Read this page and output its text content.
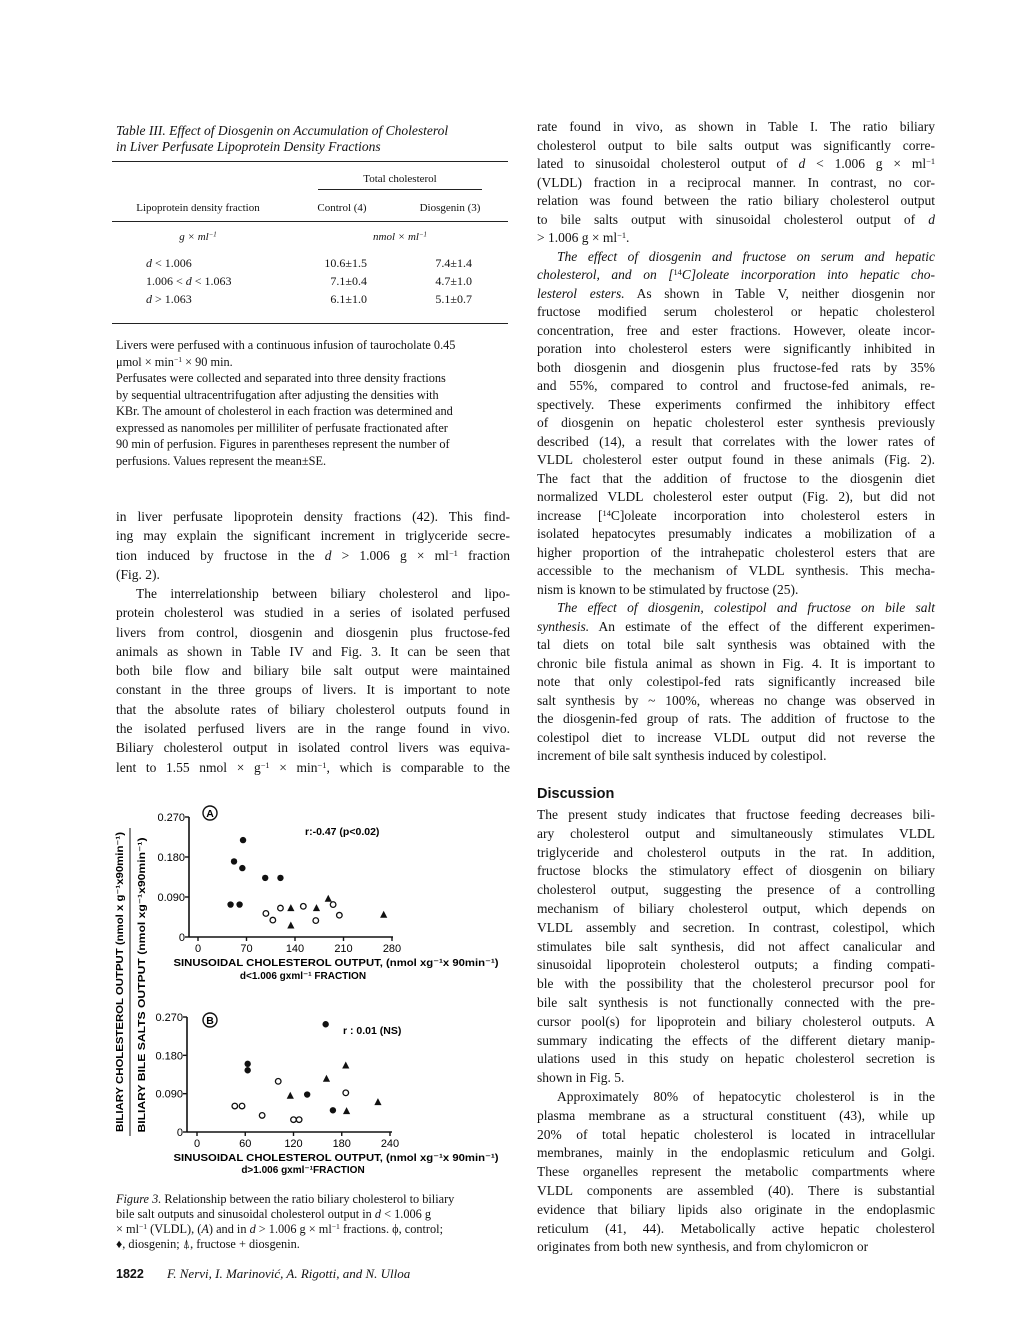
Table III. Effect of Diosgenin on Accumulation of Cholesterol
in Liver Perfusate Lipoprotein Density Fractions
Total cholesterol
Lipoprotein density fraction	Control (4)	Diosgenin (3)
$g \times ml^{-1}$	nmol × $ml^{-1}$
d < 1.006	10.6±1.5	7.4±1.4
1.006 < d < 1.063	7.1±0.4	4.7±1.0
d > 1.063	6.1±1.0	5.1±0.7
Livers were perfused with a continuous infusion of taurocholate 0.45
$\mu mol \times \min^{-1} \times 90$ min.
Perfusates were collected and separated into three density fractions
by sequential ultracentrifugation after adjusting the densities with
KBr. The amount of cholesterol in each fraction was determined and
expressed as nanomoles per milliliter of perfusate fractionated after
90 min of perfusion. Figures in parentheses represent the number of
perfusions. Values represent the mean±SE.
in liver perfusate lipoprotein density fractions (42). This find-
ing may explain the significant increment in triglyceride secre-
tion induced by fructose in the d > 1.006 $g \times ml^{-1}$ fraction
(Fig. 2).
The interrelationship between biliary cholesterol and lipo-
protein cholesterol was studied in a series of isolated perfused
livers from control, diosgenin and diosgenin plus fructose-fed
animals as shown in Table IV and Fig. 3. It can be seen that
both bile flow and biliary bile salt output were maintained
constant in the three groups of livers. It is important to note
that the absolute rates of biliary cholesterol outputs found in
the isolated perfused livers are in the range found in vivo.
Biliary cholesterol output in isolated control livers was equiva-
lent to 1.55 nmol × $g^{-1} \times \min^{-1}$, which is comparable to the
rate found in vivo, as shown in Table I. The ratio biliary
cholesterol output to bile salts output was significantly corre-
lated to sinusoidal cholesterol output of d < 1.006 $g \times ml^{-1}$
(VLDL) fraction in a reciprocal manner. In contrast, no cor-
relation was found between the ratio biliary cholesterol output
to bile salts output with sinusoidal cholesterol output of d
> 1.006 $g \times ml^{-1}$.
The effect of diosgenin and fructose on serum and hepatic
cholesterol, and on [$^{14}$C]oleate incorporation into hepatic cho-
lesterol esters. As shown in Table V, neither diosgenin nor
fructose modified serum cholesterol or hepatic cholesterol
concentration, free and ester fractions. However, oleate incor-
poration into cholesterol esters were significantly inhibited in
both diosgenin and diosgenin plus fructose-fed rats by 35%
and 55%, compared to control and fructose-fed animals, re-
spectively. These experiments confirmed the inhibitory effect
of diosgenin on hepatic cholesterol ester synthesis previously
described (14), a result that correlates with the lower rates of
VLDL cholesterol ester output found in these animals (Fig. 2).
The fact that the addition of fructose to the diosgenin diet
normalized VLDL cholesterol ester output (Fig. 2), but did not
increase [$^{14}$C]oleate incorporation into cholesterol esters in
isolated hepatocytes presumably indicates a mobilization of a
higher proportion of the intrahepatic cholesterol esters that are
accessible to the mechanism of VLDL synthesis. This mecha-
nism is known to be stimulated by fructose (25).
The effect of diosgenin, colestipol and fructose on bile salt
synthesis. An estimate of the effect of the different experimen-
tal diets on total bile salt synthesis was obtained with the
chronic bile fistula animal as shown in Fig. 4. It is important to
note that only colestipol-fed rats significantly increased bile
salt synthesis by ~ 100%, whereas no change was observed in
the diosgenin-fed group of rats. The addition of fructose to the
colestipol diet to increase VLDL output did not reverse the
increment of bile salt synthesis induced by colestipol.
Discussion
The present study indicates that fructose feeding decreases bili-
ary cholesterol output and simultaneously stimulates VLDL
triglyceride and cholesterol outputs in the rat. In addition,
fructose blocks the stimulatory effect of diosgenin on biliary
cholesterol output, suggesting the presence of a controlling
mechanism of biliary cholesterol output, which depends on
VLDL assembly and secretion. In contrast, colestipol, which
stimulates bile salt synthesis, did not affect canalicular and
sinusoidal lipoprotein cholesterol outputs; a finding compati-
ble with the possibility that the cholesterol precursor pool for
bile salt synthesis is not functionally connected with the pre-
cursor pool(s) for lipoprotein and biliary cholesterol outputs. A
summary indicating the effects of the different dietary manip-
ulations used in this study on hepatic cholesterol secretion is
shown in Fig. 5.
Approximately 80% of hepatocytic cholesterol is in the
plasma membrane as a structural constituent (43), while up
20% of total hepatic cholesterol is located in intracellular
membranes, mainly in the endoplasmic reticulum and Golgi.
These organelles represent the metabolic compartments where
VLDL components are assembled (40). There is substantial
evidence that biliary lipids also originate in the endoplasmic
reticulum (41, 44). Metabolically active hepatic cholesterol
originates from both new synthesis, and from chylomicron or
BILIARY CHOLESTEROL OUTPUT (nmol x g⁻¹x90min⁻¹) BILIARY BILE SALTS OUTPUT (nmol xg⁻¹x90min⁻¹)	0
0.090
0.180
0.270
0	70	140	210	280
A
r:-0.47 (p<0.02)
SINUSOIDAL CHOLESTEROL OUTPUT, (nmol xg⁻¹x 90min⁻¹)
d<1.006 gxml⁻¹ FRACTION
0
0.090
0.180
0.270
0	60	120	180	240
B
r : 0.01 (NS)
SINUSOIDAL CHOLESTEROL OUTPUT, (nmol xg⁻¹x 90min⁻¹)
d>1.006 gxml⁻¹FRACTION
Figure 3. Relationship between the ratio biliary cholesterol to biliary
bile salt outputs and sinusoidal cholesterol output in d < 1.006 g
× $ml^{-1}$ (VLDL), (A) and in d > 1.006 $g \times ml^{-1}$ fractions. ϕ, control;
♦, diosgenin; ⍋, fructose + diosgenin.
1822 F. Nervi, I. Marinović, A. Rigotti, and N. Ulloa
